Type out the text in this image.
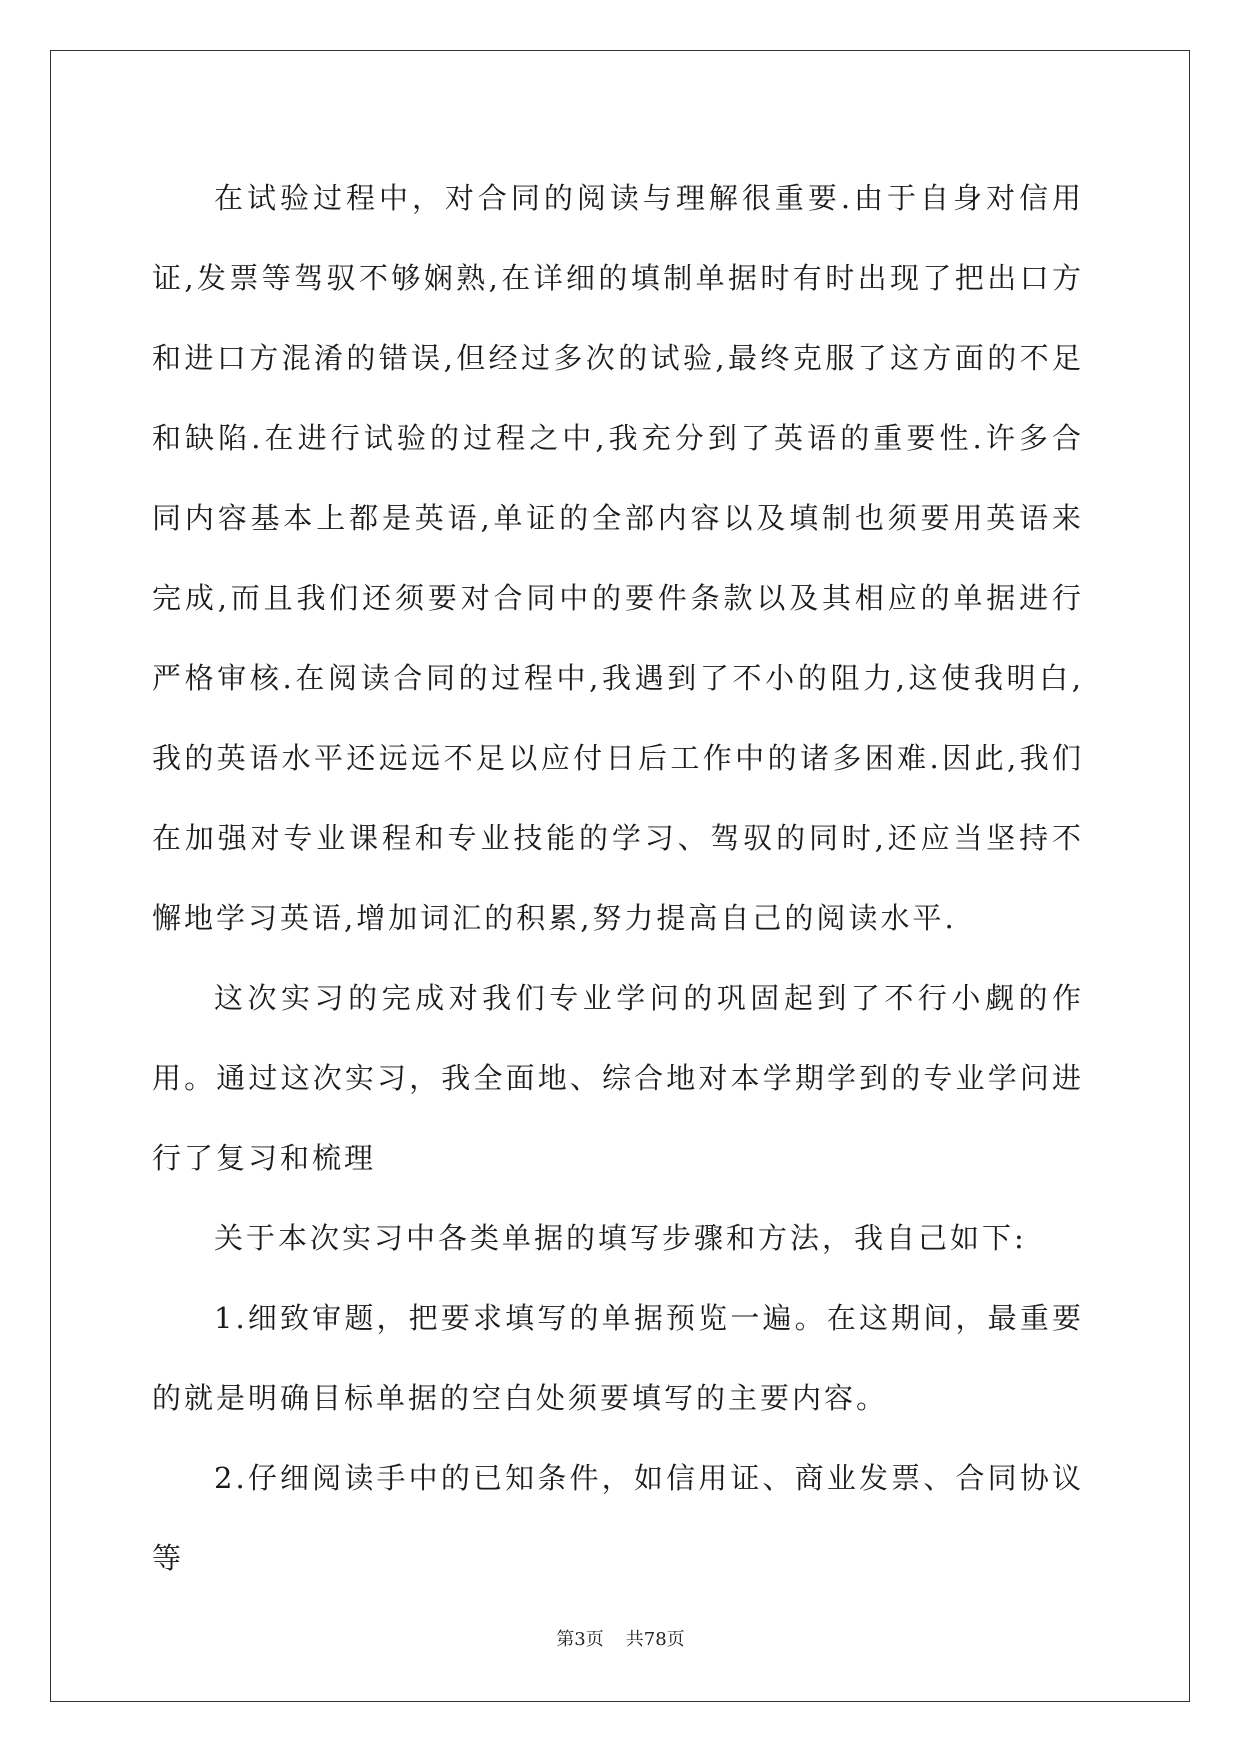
在试验过程中，对合同的阅读与理解很重要.由于自身对信用证,发票等驾驭不够娴熟,在详细的填制单据时有时出现了把出口方和进口方混淆的错误,但经过多次的试验,最终克服了这方面的不足和缺陷.在进行试验的过程之中,我充分到了英语的重要性.许多合同内容基本上都是英语,单证的全部内容以及填制也须要用英语来完成,而且我们还须要对合同中的要件条款以及其相应的单据进行严格审核.在阅读合同的过程中,我遇到了不小的阻力,这使我明白,我的英语水平还远远不足以应付日后工作中的诸多困难.因此,我们在加强对专业课程和专业技能的学习、驾驭的同时,还应当坚持不懈地学习英语,增加词汇的积累,努力提高自己的阅读水平.

这次实习的完成对我们专业学问的巩固起到了不行小觑的作用。通过这次实习，我全面地、综合地对本学期学到的专业学问进行了复习和梳理

关于本次实习中各类单据的填写步骤和方法，我自己如下:

1.细致审题，把要求填写的单据预览一遍。在这期间，最重要的就是明确目标单据的空白处须要填写的主要内容。

2.仔细阅读手中的已知条件，如信用证、商业发票、合同协议等

第3页 共78页
